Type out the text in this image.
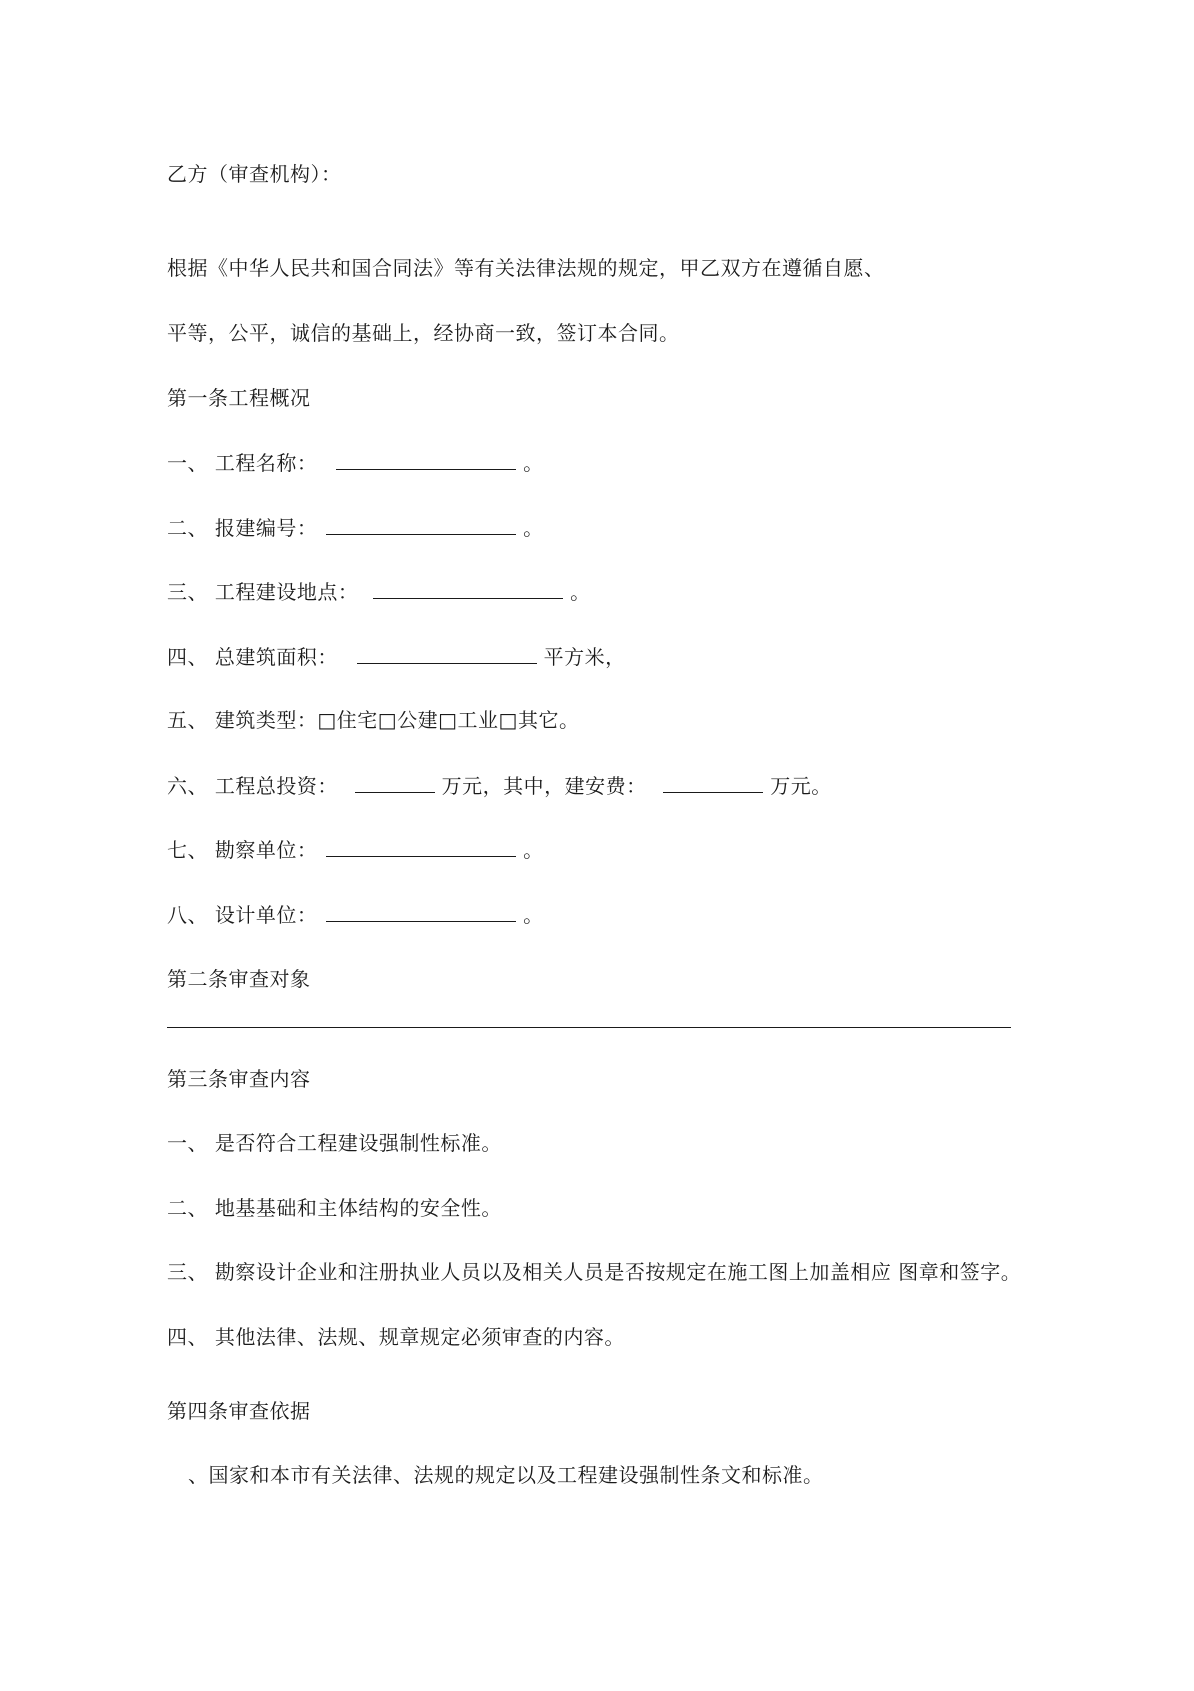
乙方（审查机构）：
根据《中华人民共和国合同法》等有关法律法规的规定，甲乙双方在遵循自愿、
平等，公平，诚信的基础上，经协商一致，签订本合同。
第一条工程概况
一、 工程名称：	。
二、 报建编号：	。
三、 工程建设地点：	。
四、 总建筑面积：	平方米，
五、 建筑类型：□住宅□公建□工业□其它。
六、 工程总投资：	万元，其中，建安费：	万元。
七、 勘察单位：	。
八、 设计单位：	。
第二条审查对象
第三条审查内容
一、 是否符合工程建设强制性标准。
二、 地基基础和主体结构的安全性。
三、 勘察设计企业和注册执业人员以及相关人员是否按规定在施工图上加盖相应 图章和签字。
四、 其他法律、法规、规章规定必须审查的内容。
第四条审查依据
、国家和本市有关法律、法规的规定以及工程建设强制性条文和标准。
